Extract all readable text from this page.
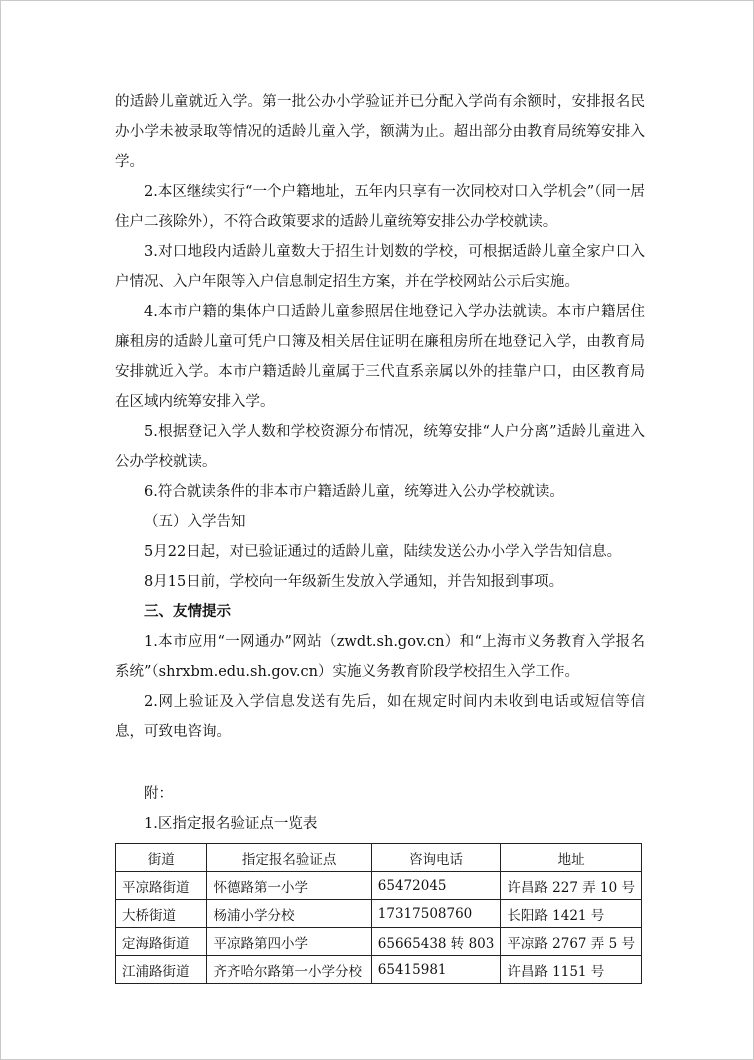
的适龄儿童就近入学。第一批公办小学验证并已分配入学尚有余额时，安排报名民办小学未被录取等情况的适龄儿童入学，额满为止。超出部分由教育局统筹安排入学。

2.本区继续实行“一个户籍地址，五年内只享有一次同校对口入学机会”（同一居住户二孩除外），不符合政策要求的适龄儿童统筹安排公办学校就读。

3.对口地段内适龄儿童数大于招生计划数的学校，可根据适龄儿童全家户口入户情况、入户年限等入户信息制定招生方案，并在学校网站公示后实施。

4.本市户籍的集体户口适龄儿童参照居住地登记入学办法就读。本市户籍居住廉租房的适龄儿童可凭户口簿及相关居住证明在廉租房所在地登记入学，由教育局安排就近入学。本市户籍适龄儿童属于三代直系亲属以外的挂靠户口，由区教育局在区域内统筹安排入学。

5.根据登记入学人数和学校资源分布情况，统筹安排“人户分离”适龄儿童进入公办学校就读。

6.符合就读条件的非本市户籍适龄儿童，统筹进入公办学校就读。

（五）入学告知

5月22日起，对已验证通过的适龄儿童，陆续发送公办小学入学告知信息。

8月15日前，学校向一年级新生发放入学通知，并告知报到事项。

三、友情提示

1.本市应用“一网通办”网站（zwdt.sh.gov.cn）和“上海市义务教育入学报名系统”（shrxbm.edu.sh.gov.cn）实施义务教育阶段学校招生入学工作。

2.网上验证及入学信息发送有先后，如在规定时间内未收到电话或短信等信息，可致电咨询。

附：

1.区指定报名验证点一览表

街道	指定报名验证点	咨询电话	地址
平凉路街道	怀德路第一小学	65472045	许昌路 227 弄 10 号
大桥街道	杨浦小学分校	17317508760	长阳路 1421 号
定海路街道	平凉路第四小学	65665438 转 803	平凉路 2767 弄 5 号
江浦路街道	齐齐哈尔路第一小学分校	65415981	许昌路 1151 号
